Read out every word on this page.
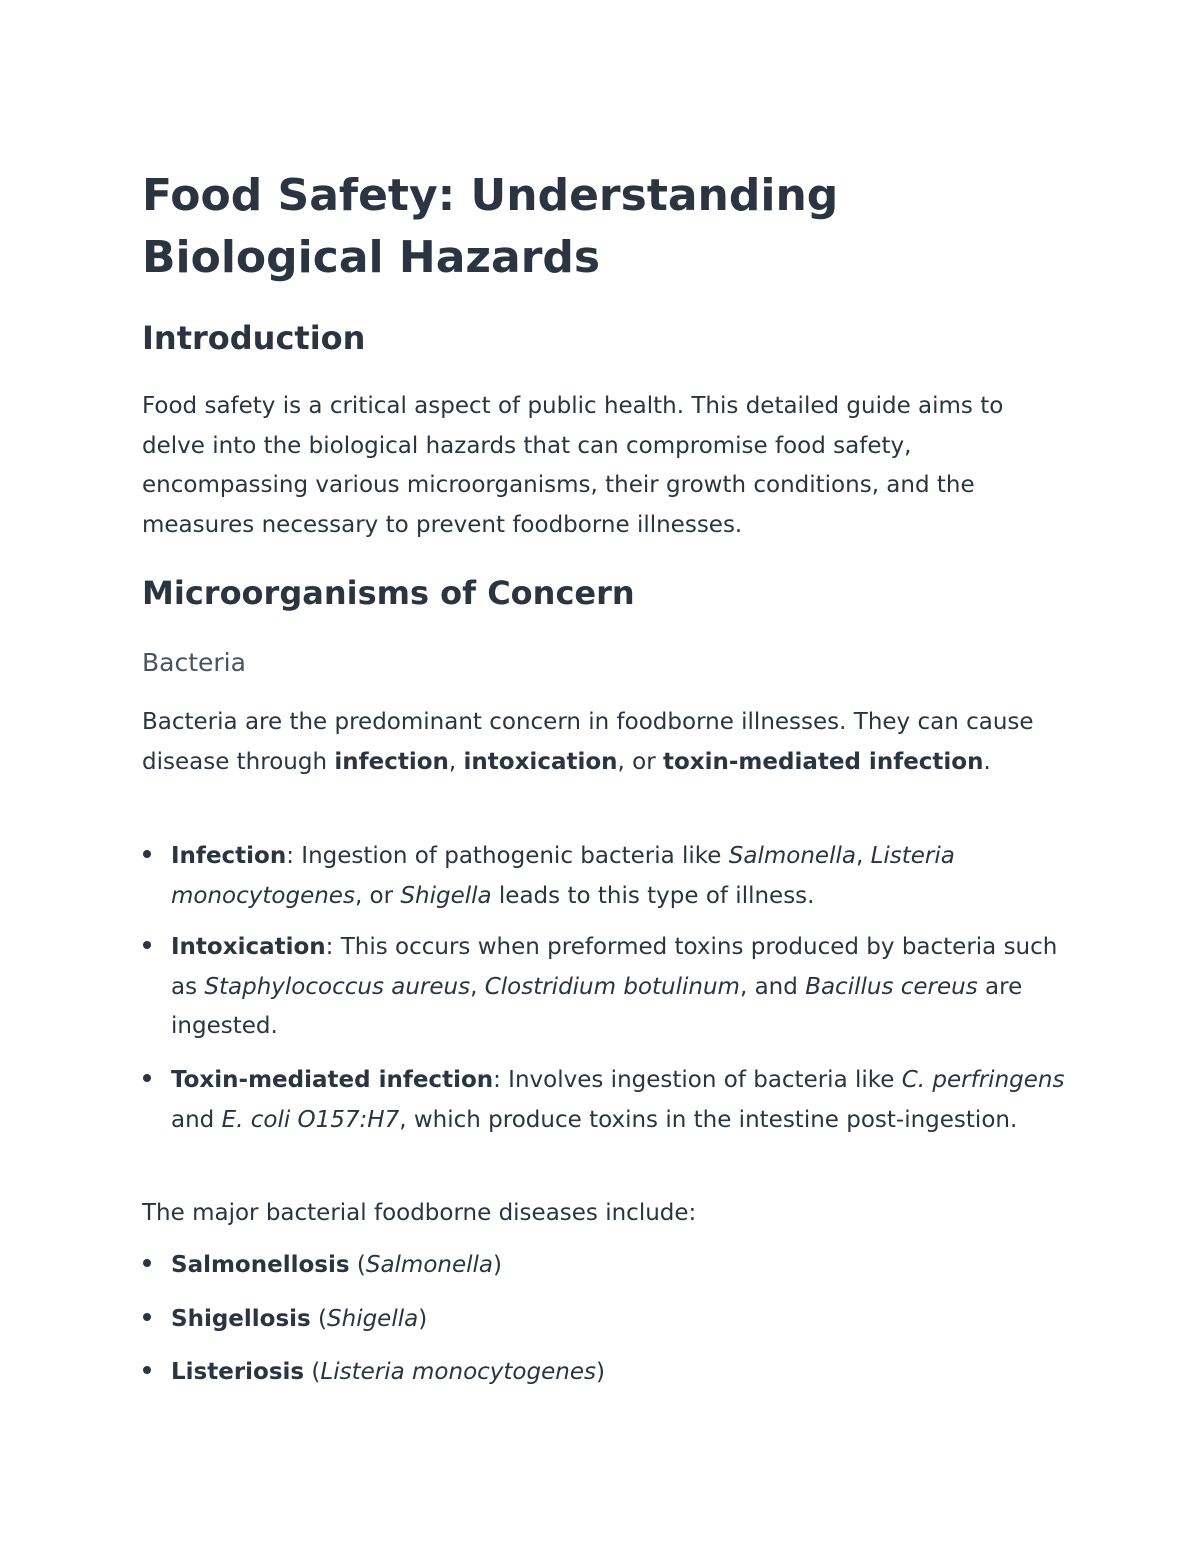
Food Safety: Understanding Biological Hazards
Introduction

Food safety is a critical aspect of public health. This detailed guide aims to delve into the biological hazards that can compromise food safety, encompassing various microorganisms, their growth conditions, and the measures necessary to prevent foodborne illnesses.

Microorganisms of Concern
Bacteria

Bacteria are the predominant concern in foodborne illnesses. They can cause disease through infection, intoxication, or toxin-mediated infection.

Infection: Ingestion of pathogenic bacteria like Salmonella, Listeria monocytogenes, or Shigella leads to this type of illness.

Intoxication: This occurs when preformed toxins produced by bacteria such as Staphylococcus aureus, Clostridium botulinum, and Bacillus cereus are ingested.

Toxin-mediated infection: Involves ingestion of bacteria like C. perfringens and E. coli O157:H7, which produce toxins in the intestine post-ingestion.

The major bacterial foodborne diseases include:

Salmonellosis (Salmonella)

Shigellosis (Shigella)

Listeriosis (Listeria monocytogenes)
